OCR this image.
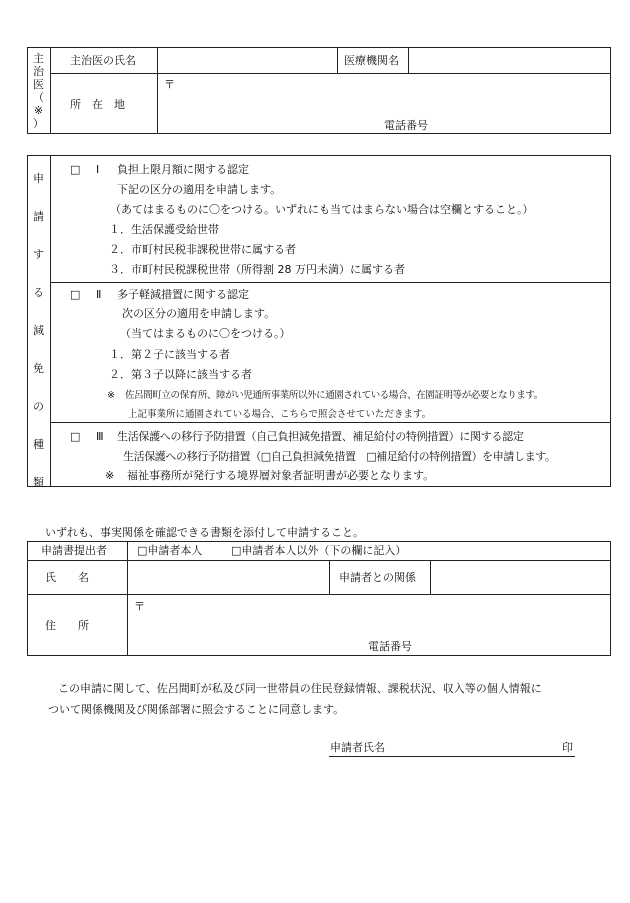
主
治
医
（
※
）
主治医の氏名	医療機関名
所　在　地
〒
電話番号
申
請
す
る
減
免
の
種
類
□ Ⅰ 負担上限月額に関する認定
下記の区分の適用を申請します。
（あてはまるものに〇をつける。いずれにも当てはまらない場合は空欄とすること。）
１．生活保護受給世帯
２．市町村民税非課税世帯に属する者
３．市町村民税課税世帯（所得割 28 万円未満）に属する者
□ Ⅱ 多子軽減措置に関する認定
次の区分の適用を申請します。
（当てはまるものに〇をつける。）
１．第２子に該当する者
２．第３子以降に該当する者
※ 佐呂間町立の保育所、障がい児通所事業所以外に通園されている場合、在園証明等が必要となります。
上記事業所に通園されている場合、こちらで照会させていただきます。
□ Ⅲ 生活保護への移行予防措置（自己負担減免措置、補足給付の特例措置）に関する認定
生活保護への移行予防措置（□自己負担減免措置　□補足給付の特例措置）を申請します。
※ 福祉事務所が発行する境界層対象者証明書が必要となります。
いずれも、事実関係を確認できる書類を添付して申請すること。
申請書提出者	□申請者本人	□申請者本人以外（下の欄に記入）
氏　　名	申請者との関係
住　　所
〒
電話番号
この申請に関して、佐呂間町が私及び同一世帯員の住民登録情報、課税状況、収入等の個人情報に
ついて関係機関及び関係部署に照会することに同意します。
申請者氏名	印
